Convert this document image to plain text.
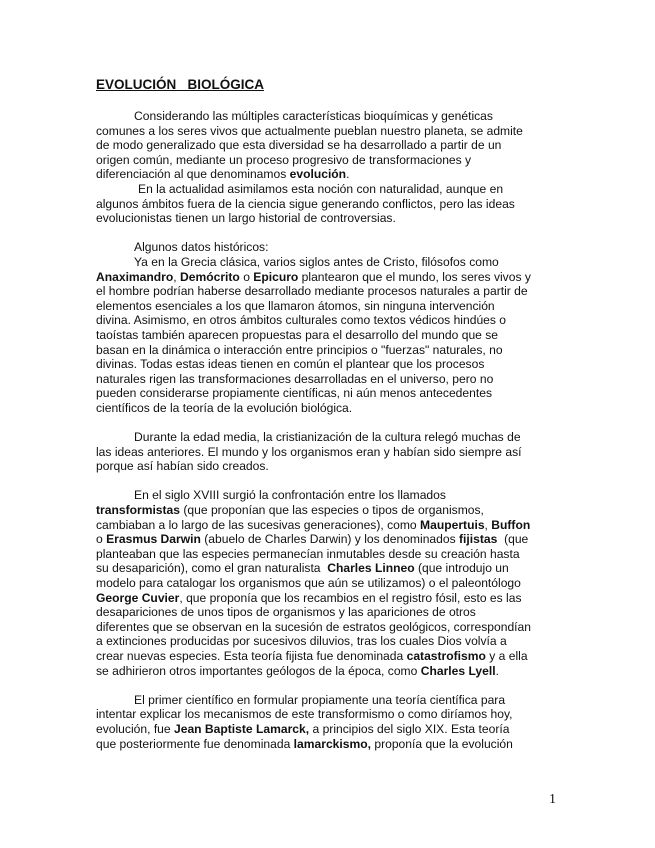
EVOLUCIÓN   BIOLÓGICA
Considerando las múltiples características bioquímicas y genéticas
comunes a los seres vivos que actualmente pueblan nuestro planeta, se admite
de modo generalizado que esta diversidad se ha desarrollado a partir de un
origen común, mediante un proceso progresivo de transformaciones y
diferenciación al que denominamos evolución.
En la actualidad asimilamos esta noción con naturalidad, aunque en
algunos ámbitos fuera de la ciencia sigue generando conflictos, pero las ideas
evolucionistas tienen un largo historial de controversias.
Algunos datos históricos:
Ya en la Grecia clásica, varios siglos antes de Cristo, filósofos como
Anaximandro, Demócrito o Epicuro plantearon que el mundo, los seres vivos y
el hombre podrían haberse desarrollado mediante procesos naturales a partir de
elementos esenciales a los que llamaron átomos, sin ninguna intervención
divina. Asimismo, en otros ámbitos culturales como textos védicos hindúes o
taoístas también aparecen propuestas para el desarrollo del mundo que se
basan en la dinámica o interacción entre principios o "fuerzas" naturales, no
divinas. Todas estas ideas tienen en común el plantear que los procesos
naturales rigen las transformaciones desarrolladas en el universo, pero no
pueden considerarse propiamente científicas, ni aún menos antecedentes
científicos de la teoría de la evolución biológica.
Durante la edad media, la cristianización de la cultura relegó muchas de
las ideas anteriores. El mundo y los organismos eran y habían sido siempre así
porque así habían sido creados.
En el siglo XVIII surgió la confrontación entre los llamados
transformistas (que proponían que las especies o tipos de organismos,
cambiaban a lo largo de las sucesivas generaciones), como Maupertuis, Buffon
o Erasmus Darwin (abuelo de Charles Darwin) y los denominados fijistas  (que
planteaban que las especies permanecían inmutables desde su creación hasta
su desaparición), como el gran naturalista  Charles Linneo (que introdujo un
modelo para catalogar los organismos que aún se utilizamos) o el paleontólogo
George Cuvier, que proponía que los recambios en el registro fósil, esto es las
desapariciones de unos tipos de organismos y las apariciones de otros
diferentes que se observan en la sucesión de estratos geológicos, correspondían
a extinciones producidas por sucesivos diluvios, tras los cuales Dios volvía a
crear nuevas especies. Esta teoría fijista fue denominada catastrofismo y a ella
se adhirieron otros importantes geólogos de la época, como Charles Lyell.
El primer científico en formular propiamente una teoría científica para
intentar explicar los mecanismos de este transformismo o como diríamos hoy,
evolución, fue Jean Baptiste Lamarck, a principios del siglo XIX. Esta teoría
que posteriormente fue denominada lamarckismo, proponía que la evolución
1
